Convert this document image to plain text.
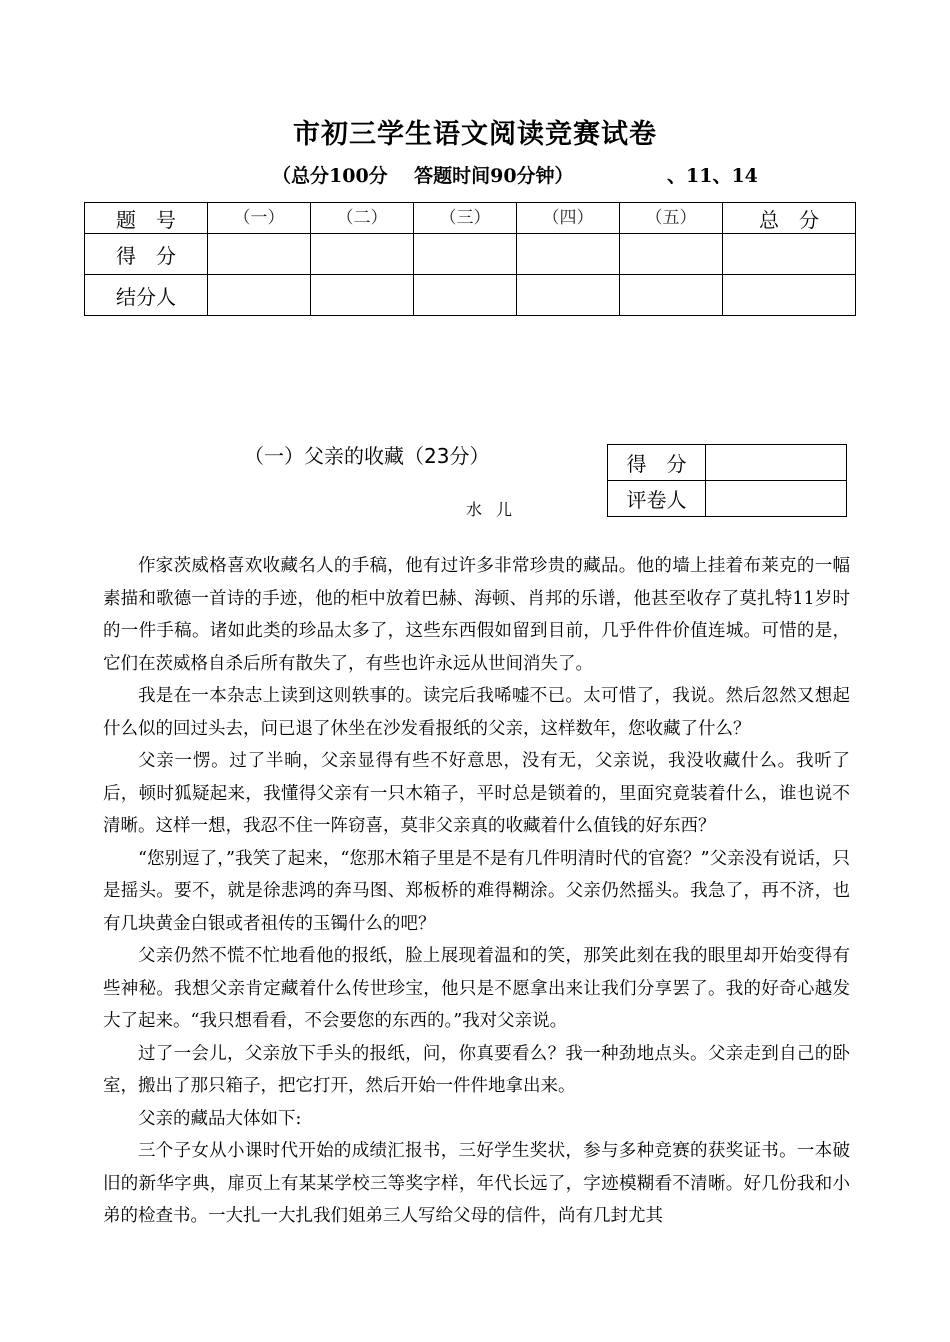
市初三学生语文阅读竞赛试卷
（总分100分    答题时间90分钟）	、11、14
题　号	（一）	（二）	（三）	（四）	（五）	总　分
得　分						
结分人						
（一）父亲的收藏（23分）
水儿
得　分	
评卷人	

作家茨威格喜欢收藏名人的手稿，他有过许多非常珍贵的藏品。他的墙上挂着布莱克的一幅素描和歌德一首诗的手迹，他的柜中放着巴赫、海顿、肖邦的乐谱，他甚至收存了莫扎特11岁时的一件手稿。诸如此类的珍品太多了，这些东西假如留到目前，几乎件件价值连城。可惜的是，它们在茨威格自杀后所有散失了，有些也许永远从世间消失了。

我是在一本杂志上读到这则轶事的。读完后我唏嘘不已。太可惜了，我说。然后忽然又想起什么似的回过头去，问已退了休坐在沙发看报纸的父亲，这样数年，您收藏了什么？

父亲一愣。过了半晌，父亲显得有些不好意思，没有无，父亲说，我没收藏什么。我听了后，顿时狐疑起来，我懂得父亲有一只木箱子，平时总是锁着的，里面究竟装着什么，谁也说不清晰。这样一想，我忍不住一阵窃喜，莫非父亲真的收藏着什么值钱的好东西？

“您别逗了，”我笑了起来，“您那木箱子里是不是有几件明清时代的官瓷？”父亲没有说话，只是摇头。要不，就是徐悲鸿的奔马图、郑板桥的难得糊涂。父亲仍然摇头。我急了，再不济，也有几块黄金白银或者祖传的玉镯什么的吧？

父亲仍然不慌不忙地看他的报纸，脸上展现着温和的笑，那笑此刻在我的眼里却开始变得有些神秘。我想父亲肯定藏着什么传世珍宝，他只是不愿拿出来让我们分享罢了。我的好奇心越发大了起来。“我只想看看，不会要您的东西的。”我对父亲说。

过了一会儿，父亲放下手头的报纸，问，你真要看么？我一种劲地点头。父亲走到自己的卧室，搬出了那只箱子，把它打开，然后开始一件件地拿出来。

父亲的藏品大体如下:

三个子女从小课时代开始的成绩汇报书，三好学生奖状，参与多种竞赛的获奖证书。一本破旧的新华字典，扉页上有某某学校三等奖字样，年代长远了，字迹模糊看不清晰。好几份我和小弟的检查书。一大扎一大扎我们姐弟三人写给父母的信件，尚有几封尤其
